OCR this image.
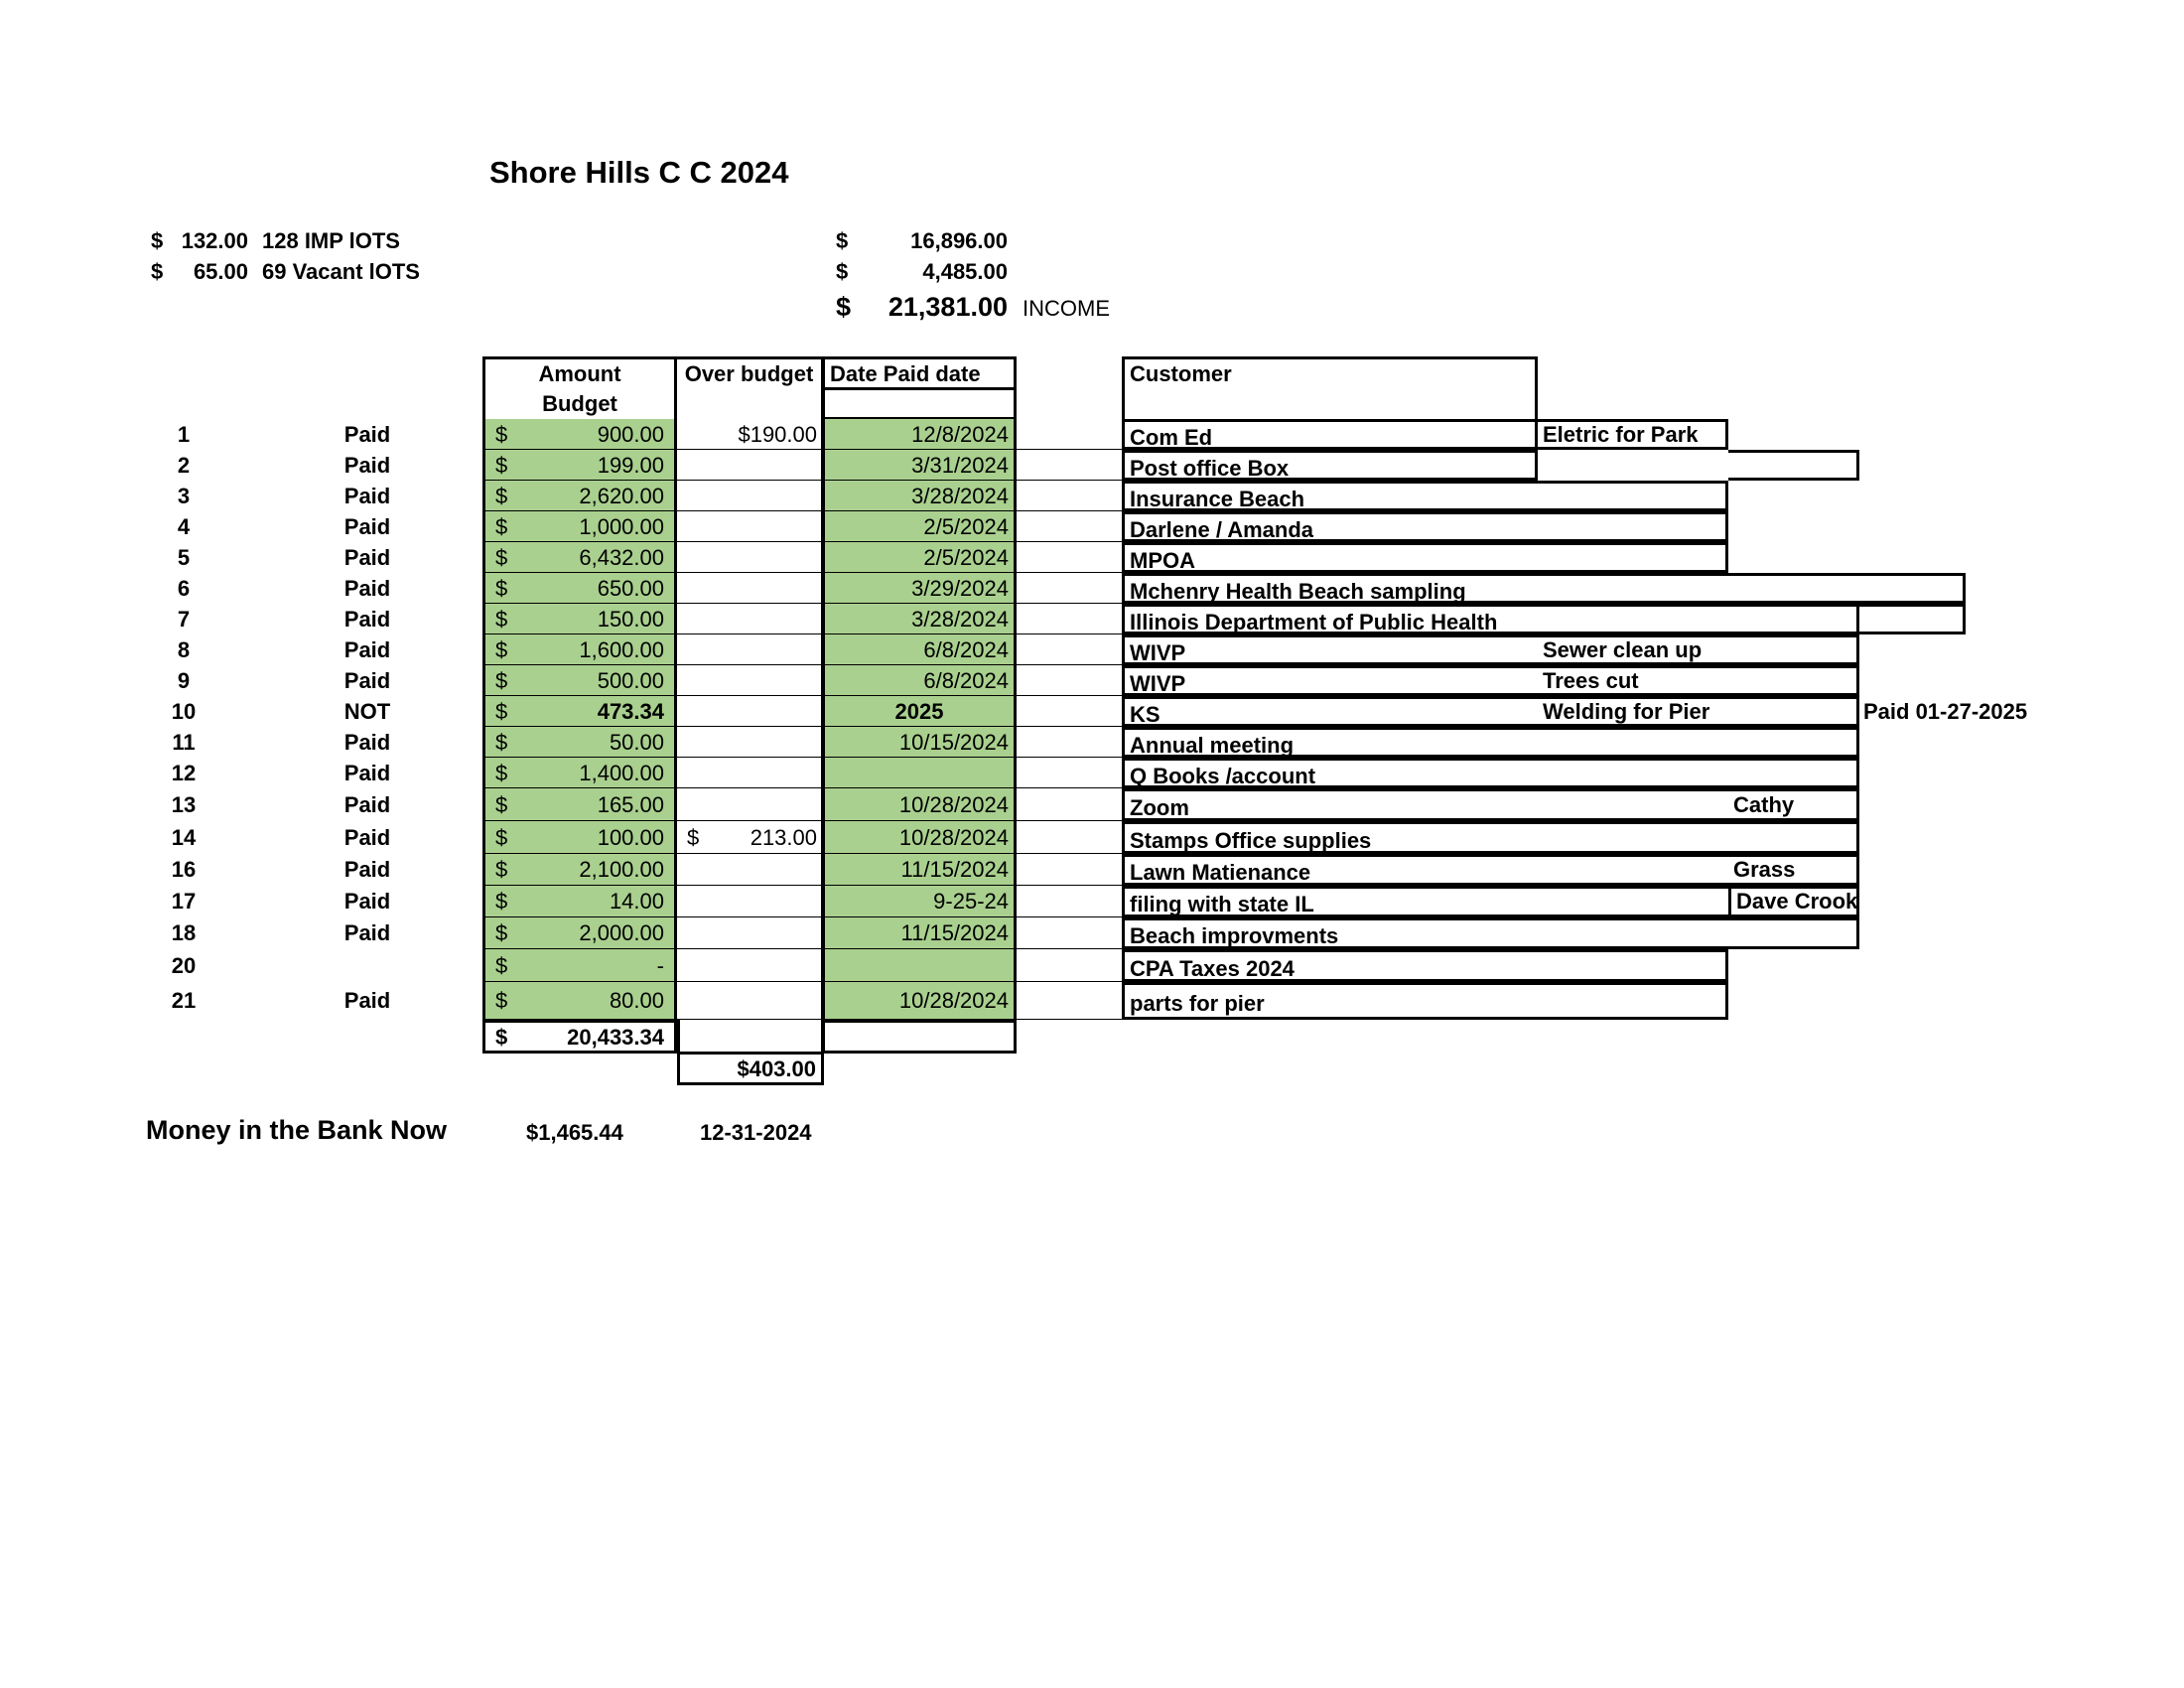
Shore Hills C C 2024
$ 132.00 128 IMP lOTS	$	16,896.00
$	65.00 69 Vacant lOTS	$	4,485.00
$	21,381.00 INCOME
Amount
Budget
Over budget Date Paid date	Customer
1	Paid	$	900.00	$190.00	12/8/2024	Com Ed	Eletric for Park
2	Paid	$	199.00	3/31/2024	Post office Box
3	Paid	$	2,620.00	3/28/2024	Insurance Beach
4	Paid	$	1,000.00	2/5/2024	Darlene / Amanda
5	Paid	$	6,432.00	2/5/2024	MPOA
6	Paid	$	650.00	3/29/2024	Mchenry Health Beach sampling
7	Paid	$	150.00	3/28/2024	Illinois Department of Public Health
8	Paid	$	1,600.00	6/8/2024	WIVP	Sewer clean up
9	Paid	$	500.00	6/8/2024	WIVP	Trees cut
10	NOT	$	473.34	2025	KS	Welding for Pier	Paid 01-27-2025
11	Paid	$	50.00	10/15/2024	Annual meeting
12	Paid	$	1,400.00	Q Books /account
13	Paid	$	165.00	10/28/2024	Zoom	Cathy
14	Paid	$	100.00 $ 213.00	10/28/2024	Stamps Office supplies
16	Paid	$	2,100.00	11/15/2024	Lawn Matienance	Grass
17	Paid	$	14.00	9-25-24	filing with state IL	Dave Crook
18	Paid	$	2,000.00	11/15/2024	Beach improvments
20	$	-	CPA Taxes 2024
21	Paid	$	80.00	10/28/2024	parts for pier
$	20,433.34
$403.00
Money in the Bank Now	$1,465.44	12-31-2024
